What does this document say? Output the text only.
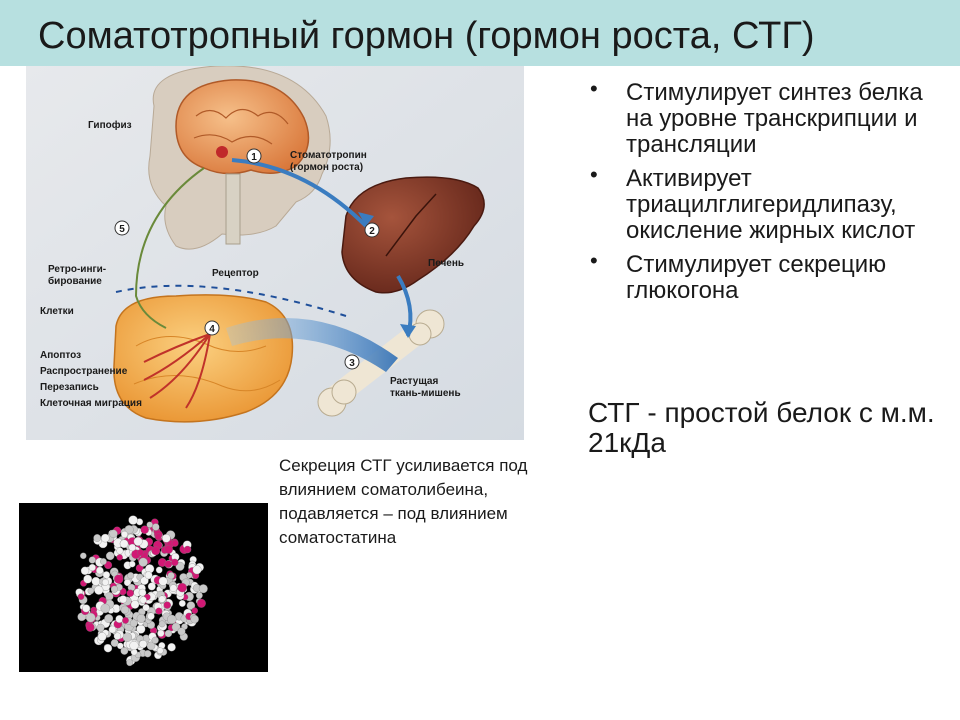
Соматотропный гормон (гормон роста, СТГ)
1
2
3
4
5
Гипофиз
Стоматотропин
(гормон роста)
Ретро-инги-
бирование
Рецептор
Печень
Клетки
Апоптоз
Распространение
Перезапись
Клеточная миграция
Растущая
ткань-мишень
• Стимулирует синтез белка на уровне транскрипции и трансляции
• Активирует триацилглигеридлипазу, окисление жирных кислот
• Стимулирует секрецию глюкогона
СТГ - простой белок с м.м. 21кДа
Секреция СТГ усиливается под влиянием соматолибеина, подавляется – под влиянием соматостатина
